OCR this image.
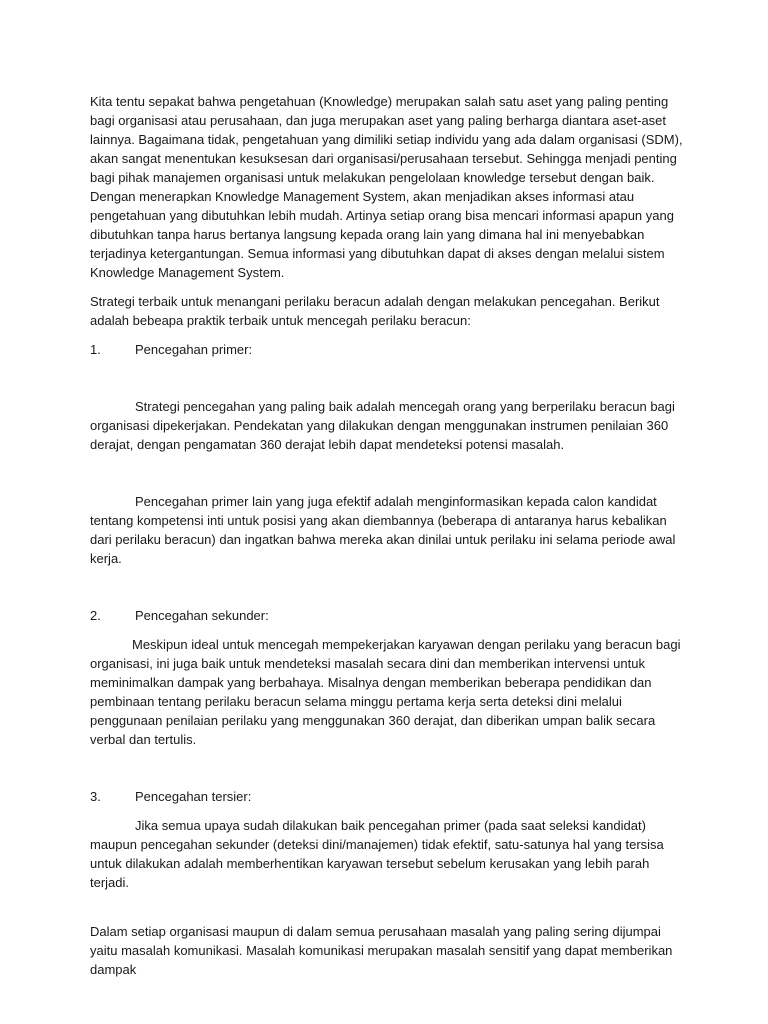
Kita tentu sepakat bahwa pengetahuan (Knowledge) merupakan salah satu aset yang paling penting bagi organisasi atau perusahaan, dan juga merupakan aset yang paling berharga diantara aset-aset lainnya. Bagaimana tidak, pengetahuan yang dimiliki setiap individu yang ada dalam organisasi (SDM), akan sangat menentukan kesuksesan dari organisasi/perusahaan tersebut. Sehingga menjadi penting bagi pihak manajemen organisasi untuk melakukan pengelolaan knowledge tersebut dengan baik. Dengan menerapkan Knowledge Management System, akan menjadikan akses informasi atau pengetahuan yang dibutuhkan lebih mudah. Artinya setiap orang bisa mencari informasi apapun yang dibutuhkan tanpa harus bertanya langsung kepada orang lain yang dimana hal ini menyebabkan terjadinya ketergantungan. Semua informasi yang dibutuhkan dapat di akses dengan melalui sistem Knowledge Management System.

Strategi terbaik untuk menangani perilaku beracun adalah dengan melakukan pencegahan. Berikut adalah bebeapa praktik terbaik untuk mencegah perilaku beracun:

1.	Pencegahan primer:

Strategi pencegahan yang paling baik adalah mencegah orang yang berperilaku beracun bagi organisasi dipekerjakan. Pendekatan yang dilakukan dengan menggunakan instrumen penilaian 360 derajat, dengan pengamatan 360 derajat lebih dapat mendeteksi potensi masalah.

Pencegahan primer lain yang juga efektif adalah menginformasikan kepada calon kandidat tentang kompetensi inti untuk posisi yang akan diembannya (beberapa di antaranya harus kebalikan dari perilaku beracun) dan ingatkan bahwa mereka akan dinilai untuk perilaku ini selama periode awal kerja.

2.	Pencegahan sekunder:

Meskipun ideal untuk mencegah mempekerjakan karyawan dengan perilaku yang beracun bagi organisasi, ini juga baik untuk mendeteksi masalah secara dini dan memberikan intervensi untuk meminimalkan dampak yang berbahaya. Misalnya dengan memberikan beberapa pendidikan dan pembinaan tentang perilaku beracun selama minggu pertama kerja serta deteksi dini melalui penggunaan penilaian perilaku yang menggunakan 360 derajat, dan diberikan umpan balik secara verbal dan tertulis.

3.	Pencegahan tersier:

Jika semua upaya sudah dilakukan baik pencegahan primer (pada saat seleksi kandidat) maupun pencegahan sekunder (deteksi dini/manajemen) tidak efektif, satu-satunya hal yang tersisa untuk dilakukan adalah memberhentikan karyawan tersebut sebelum kerusakan yang lebih parah terjadi.

Dalam setiap organisasi maupun di dalam semua perusahaan masalah yang paling sering dijumpai yaitu masalah komunikasi. Masalah komunikasi merupakan masalah sensitif yang dapat memberikan dampak
